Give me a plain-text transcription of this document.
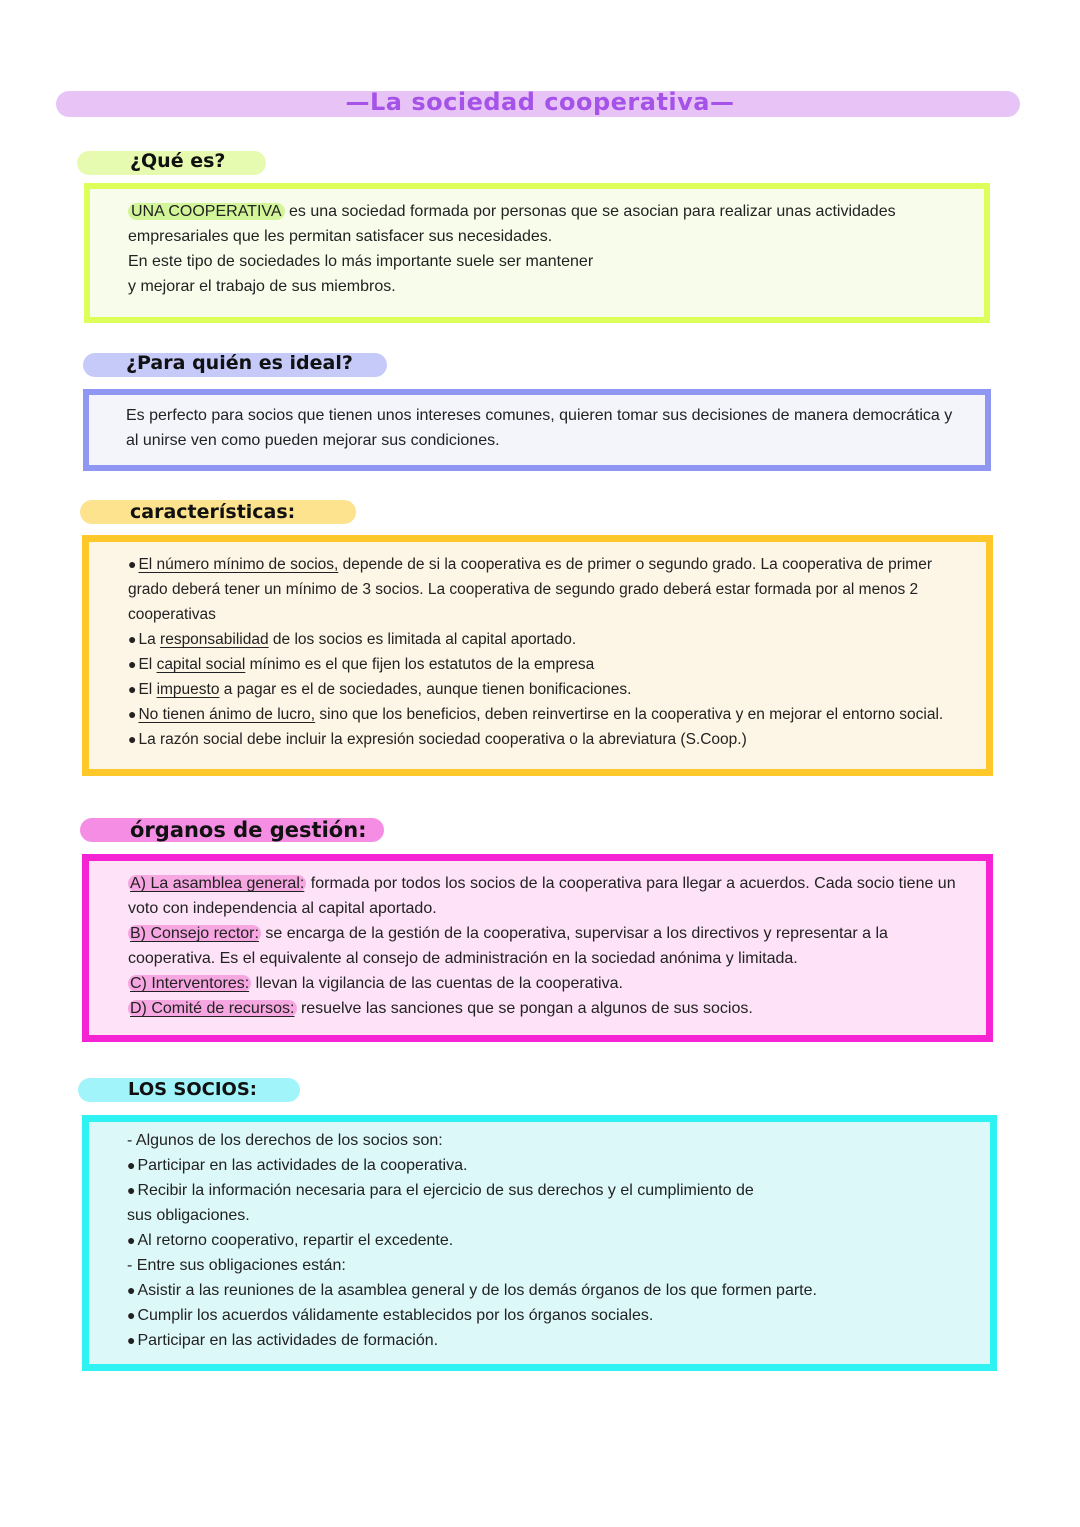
—La sociedad cooperativa—
¿Qué es?
UNA COOPERATIVA es una sociedad formada por personas que se asocian para realizar unas actividades
empresariales que les permitan satisfacer sus necesidades.
En este tipo de sociedades lo más importante suele ser mantener
y mejorar el trabajo de sus miembros.
¿Para quién es ideal?
Es perfecto para socios que tienen unos intereses comunes, quieren tomar sus decisiones de manera democrática y
al unirse ven como pueden mejorar sus condiciones.
características:
● El número mínimo de socios, depende de si la cooperativa es de primer o segundo grado. La cooperativa de primer
grado deberá tener un mínimo de 3 socios. La cooperativa de segundo grado deberá estar formada por al menos 2
cooperativas
● La responsabilidad de los socios es limitada al capital aportado.
● El capital social mínimo es el que fijen los estatutos de la empresa
● El impuesto a pagar es el de sociedades, aunque tienen bonificaciones.
● No tienen ánimo de lucro, sino que los beneficios, deben reinvertirse en la cooperativa y en mejorar el entorno social.
● La razón social debe incluir la expresión sociedad cooperativa o la abreviatura (S.Coop.)
órganos de gestión:
A) La asamblea general: formada por todos los socios de la cooperativa para llegar a acuerdos. Cada socio tiene un
voto con independencia al capital aportado.
B) Consejo rector: se encarga de la gestión de la cooperativa, supervisar a los directivos y representar a la
cooperativa. Es el equivalente al consejo de administración en la sociedad anónima y limitada.
C) Interventores: llevan la vigilancia de las cuentas de la cooperativa.
D) Comité de recursos: resuelve las sanciones que se pongan a algunos de sus socios.
LOS SOCIOS:
- Algunos de los derechos de los socios son:
● Participar en las actividades de la cooperativa.
● Recibir la información necesaria para el ejercicio de sus derechos y el cumplimiento de
sus obligaciones.
● Al retorno cooperativo, repartir el excedente.
- Entre sus obligaciones están:
● Asistir a las reuniones de la asamblea general y de los demás órganos de los que formen parte.
● Cumplir los acuerdos válidamente establecidos por los órganos sociales.
● Participar en las actividades de formación.
